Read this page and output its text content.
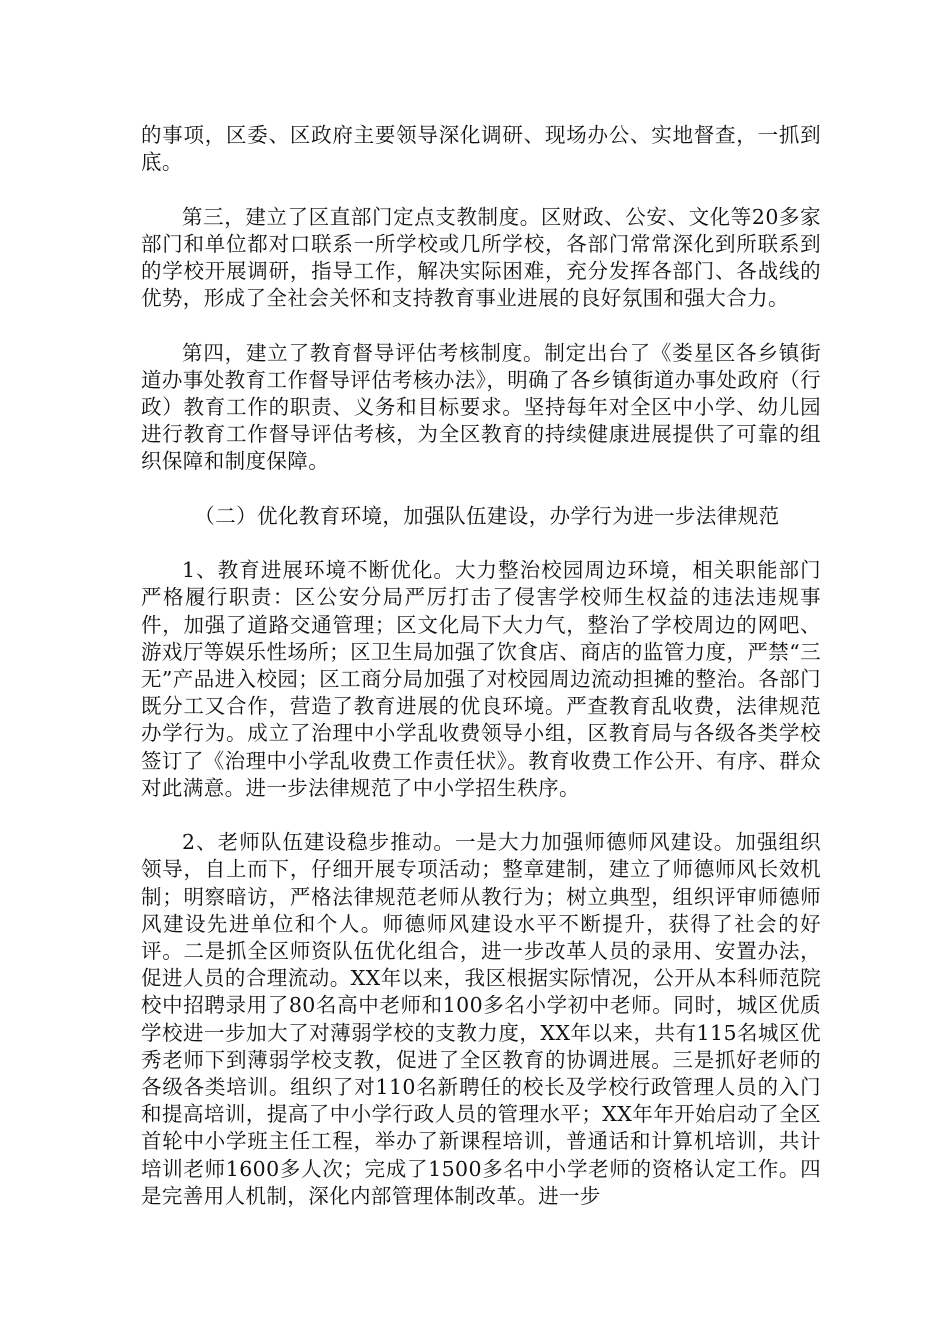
的事项，区委、区政府主要领导深化调研、现场办公、实地督查，一抓到底。

第三，建立了区直部门定点支教制度。区财政、公安、文化等20多家部门和单位都对口联系一所学校或几所学校，各部门常常深化到所联系到的学校开展调研，指导工作，解决实际困难，充分发挥各部门、各战线的优势，形成了全社会关怀和支持教育事业进展的良好氛围和强大合力。

第四，建立了教育督导评估考核制度。制定出台了《娄星区各乡镇街道办事处教育工作督导评估考核办法》，明确了各乡镇街道办事处政府（行政）教育工作的职责、义务和目标要求。坚持每年对全区中小学、幼儿园进行教育工作督导评估考核，为全区教育的持续健康进展提供了可靠的组织保障和制度保障。

（二）优化教育环境，加强队伍建设，办学行为进一步法律规范

1、教育进展环境不断优化。大力整治校园周边环境，相关职能部门严格履行职责：区公安分局严厉打击了侵害学校师生权益的违法违规事件，加强了道路交通管理；区文化局下大力气，整治了学校周边的网吧、游戏厅等娱乐性场所；区卫生局加强了饮食店、商店的监管力度，严禁“三无”产品进入校园；区工商分局加强了对校园周边流动担摊的整治。各部门既分工又合作，营造了教育进展的优良环境。严查教育乱收费，法律规范办学行为。成立了治理中小学乱收费领导小组，区教育局与各级各类学校签订了《治理中小学乱收费工作责任状》。教育收费工作公开、有序、群众对此满意。进一步法律规范了中小学招生秩序。

2、老师队伍建设稳步推动。一是大力加强师德师风建设。加强组织领导，自上而下，仔细开展专项活动；整章建制，建立了师德师风长效机制；明察暗访，严格法律规范老师从教行为；树立典型，组织评审师德师风建设先进单位和个人。师德师风建设水平不断提升，获得了社会的好评。二是抓全区师资队伍优化组合，进一步改革人员的录用、安置办法，促进人员的合理流动。XX年以来，我区根据实际情况，公开从本科师范院校中招聘录用了80名高中老师和100多名小学初中老师。同时，城区优质学校进一步加大了对薄弱学校的支教力度，XX年以来，共有115名城区优秀老师下到薄弱学校支教，促进了全区教育的协调进展。三是抓好老师的各级各类培训。组织了对110名新聘任的校长及学校行政管理人员的入门和提高培训，提高了中小学行政人员的管理水平；XX年年开始启动了全区首轮中小学班主任工程，举办了新课程培训，普通话和计算机培训，共计培训老师1600多人次；完成了1500多名中小学老师的资格认定工作。四是完善用人机制，深化内部管理体制改革。进一步
